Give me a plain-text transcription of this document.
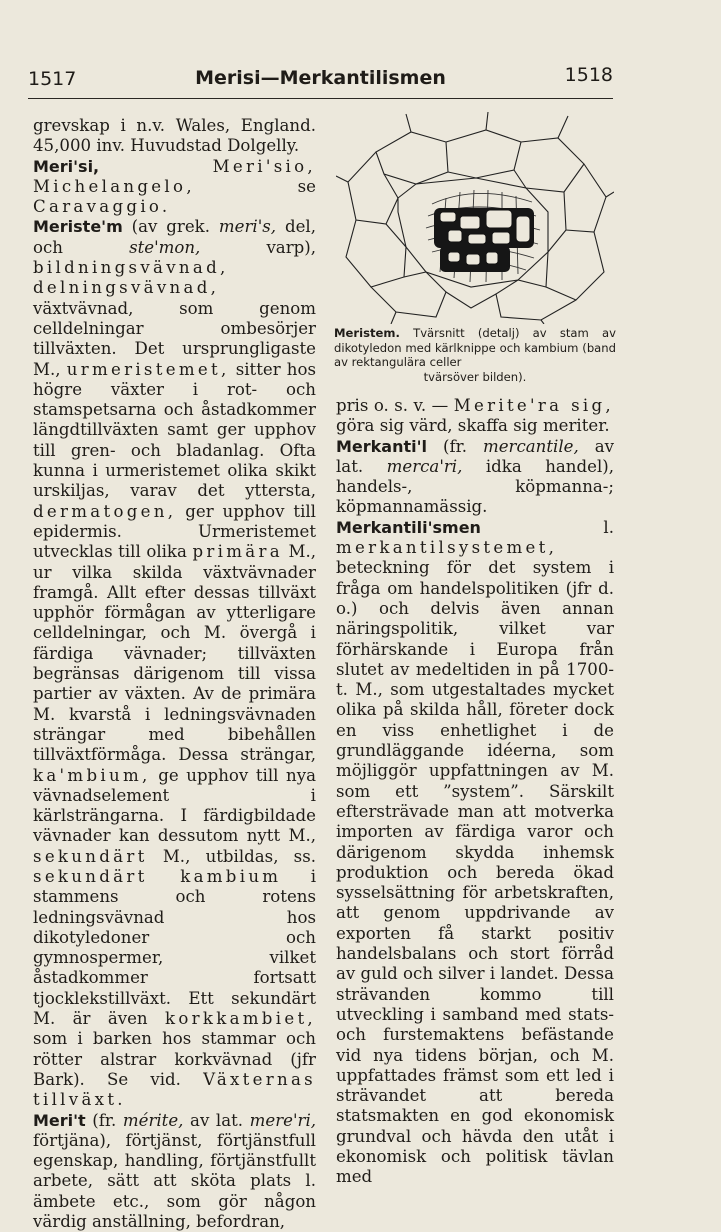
1517	Merisi—Merkantilismen	1518

grevskap i n.v. Wales, England. 45,000 inv. Huvudstad Dolgelly.

Meri'si,	Meri'sio, Michelangelo,	se Caravaggio.

Meriste'm (av grek. meri's, del, och	ste'mon,	varp), bildningsvävnad, delningsvävnad, växtvävnad, som genom celldelningar ombesörjer tillväxten. Det ursprungligaste M., urmeristemet, sitter hos högre växter i rot- och stamspetsarna och åstadkommer längdtillväxten samt ger upphov till gren- och bladanlag. Ofta kunna i urmeristemet olika skikt urskiljas, varav det yttersta, dermatogen, ger upphov till epidermis. Urmeristemet utvecklas till olika primära M., ur vilka skilda växtvävnader framgå. Allt efter dessas tillväxt upphör förmågan av ytterligare celldelningar, och M. övergå i färdiga vävnader; tillväxten begränsas därigenom till vissa partier av växten. Av de primära M. kvarstå i ledningsvävnaden strängar med bibehållen tillväxtförmåga. Dessa strängar, ka'mbium, ge upphov till nya vävnadselement i kärlsträngarna. I färdigbildade vävnader kan dessutom nytt M., sekundärt M., utbildas, ss. sekundärt kambium i stammens och rotens ledningsvävnad hos dikotyledoner och gymnospermer, vilket åstadkommer fortsatt tjocklekstillväxt. Ett sekundärt M. är även korkkambiet, som i barken hos stammar och rötter alstrar korkvävnad (jfr Bark). Se vid. Växternas tillväxt.

Meri't (fr. mérite, av lat. mere'ri, förtjäna), förtjänst, förtjänstfull egenskap, handling, förtjänstfullt arbete, sätt att sköta plats l. ämbete etc., som gör någon värdig anställning, befordran,

Meristem. Tvärsnitt (detalj) av stam av dikotyledon med kärlknippe och kambium (band av rektangulära celler
tvärsöver bilden).

pris o. s. v. — Merite'ra sig, göra sig värd, skaffa sig meriter.

Merkanti'l (fr. mercantile, av lat. merca'ri, idka handel), handels-, köpmanna-; köpmannamässig.

Merkantili'smen	l. merkantilsystemet, beteckning för det system i fråga om handelspolitiken (jfr d. o.) och delvis även annan näringspolitik, vilket var förhärskande i Europa från slutet av medeltiden in på 1700-t. M., som utgestaltades mycket olika på skilda håll, företer dock en viss enhetlighet i de grundläggande idéerna, som möjliggör uppfattningen av M. som ett ”system”. Särskilt eftersträvade man att motverka importen av färdiga varor och därigenom skydda inhemsk produktion och bereda ökad sysselsättning för arbetskraften, att genom uppdrivande av exporten få starkt positiv handelsbalans och stort förråd av guld och silver i landet. Dessa strävanden kommo till utveckling i samband med stats- och furstemaktens befästande vid nya tidens början, och M. uppfattades främst som ett led i strävandet att bereda statsmakten en god ekonomisk grundval och hävda den utåt i ekonomisk och politisk tävlan med
